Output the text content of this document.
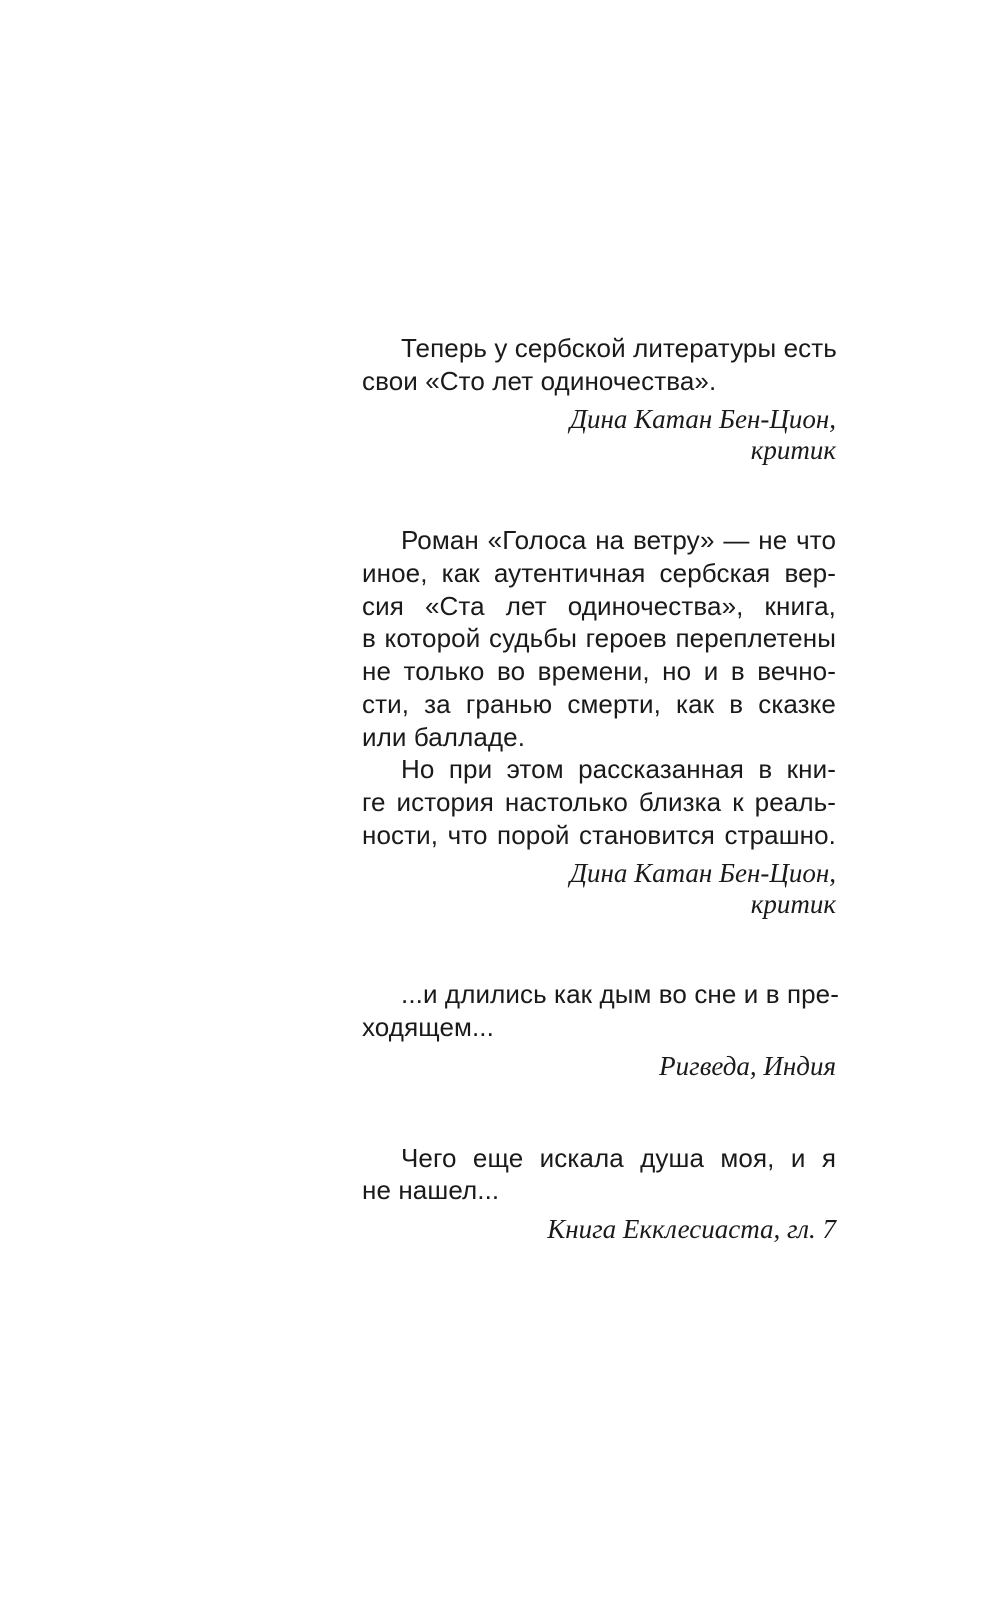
Теперь у сербской литературы есть
свои «Сто лет одиночества».
Дина Катан Бен-Цион,
критик
Роман «Голоса на ветру» — не что
иное, как аутентичная сербская вер-
сия «Ста лет одиночества», книга,
в которой судьбы героев переплетены
не только во времени, но и в вечно-
сти, за гранью смерти, как в сказке
или балладе.
Но при этом рассказанная в кни-
ге история настолько близка к реаль-
ности, что порой становится страшно.
Дина Катан Бен-Цион,
критик
...и длились как дым во сне и в пре-
ходящем...
Ригведа, Индия
Чего еще искала душа моя, и я
не нашел...
Книга Екклесиаста, гл. 7
